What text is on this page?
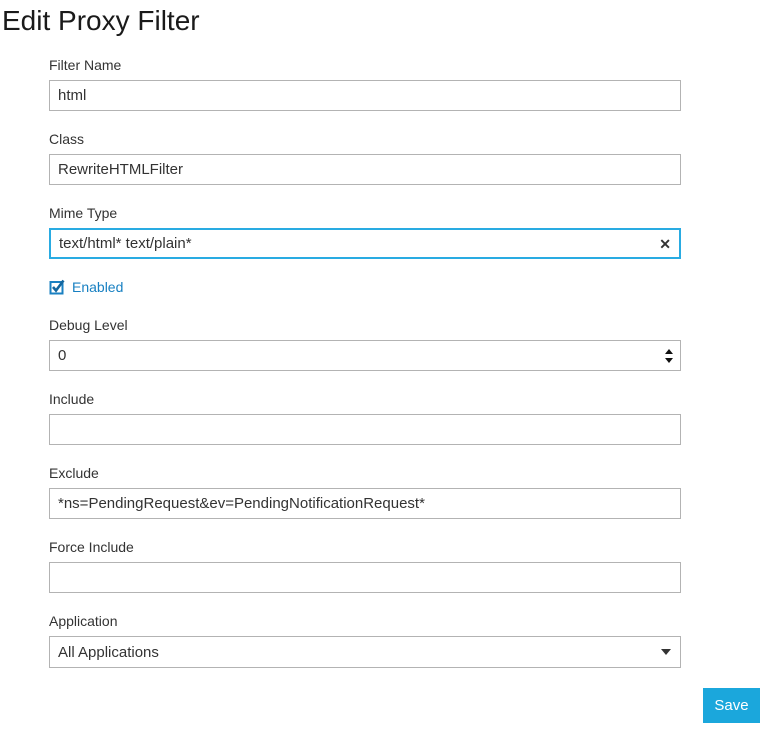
Edit Proxy Filter
Filter Name
html
Class
RewriteHTMLFilter
Mime Type
text/html* text/plain*
✕
Enabled
Debug Level
0
Include
Exclude
*ns=PendingRequest&ev=PendingNotificationRequest*
Force Include
Application
All Applications
Save
